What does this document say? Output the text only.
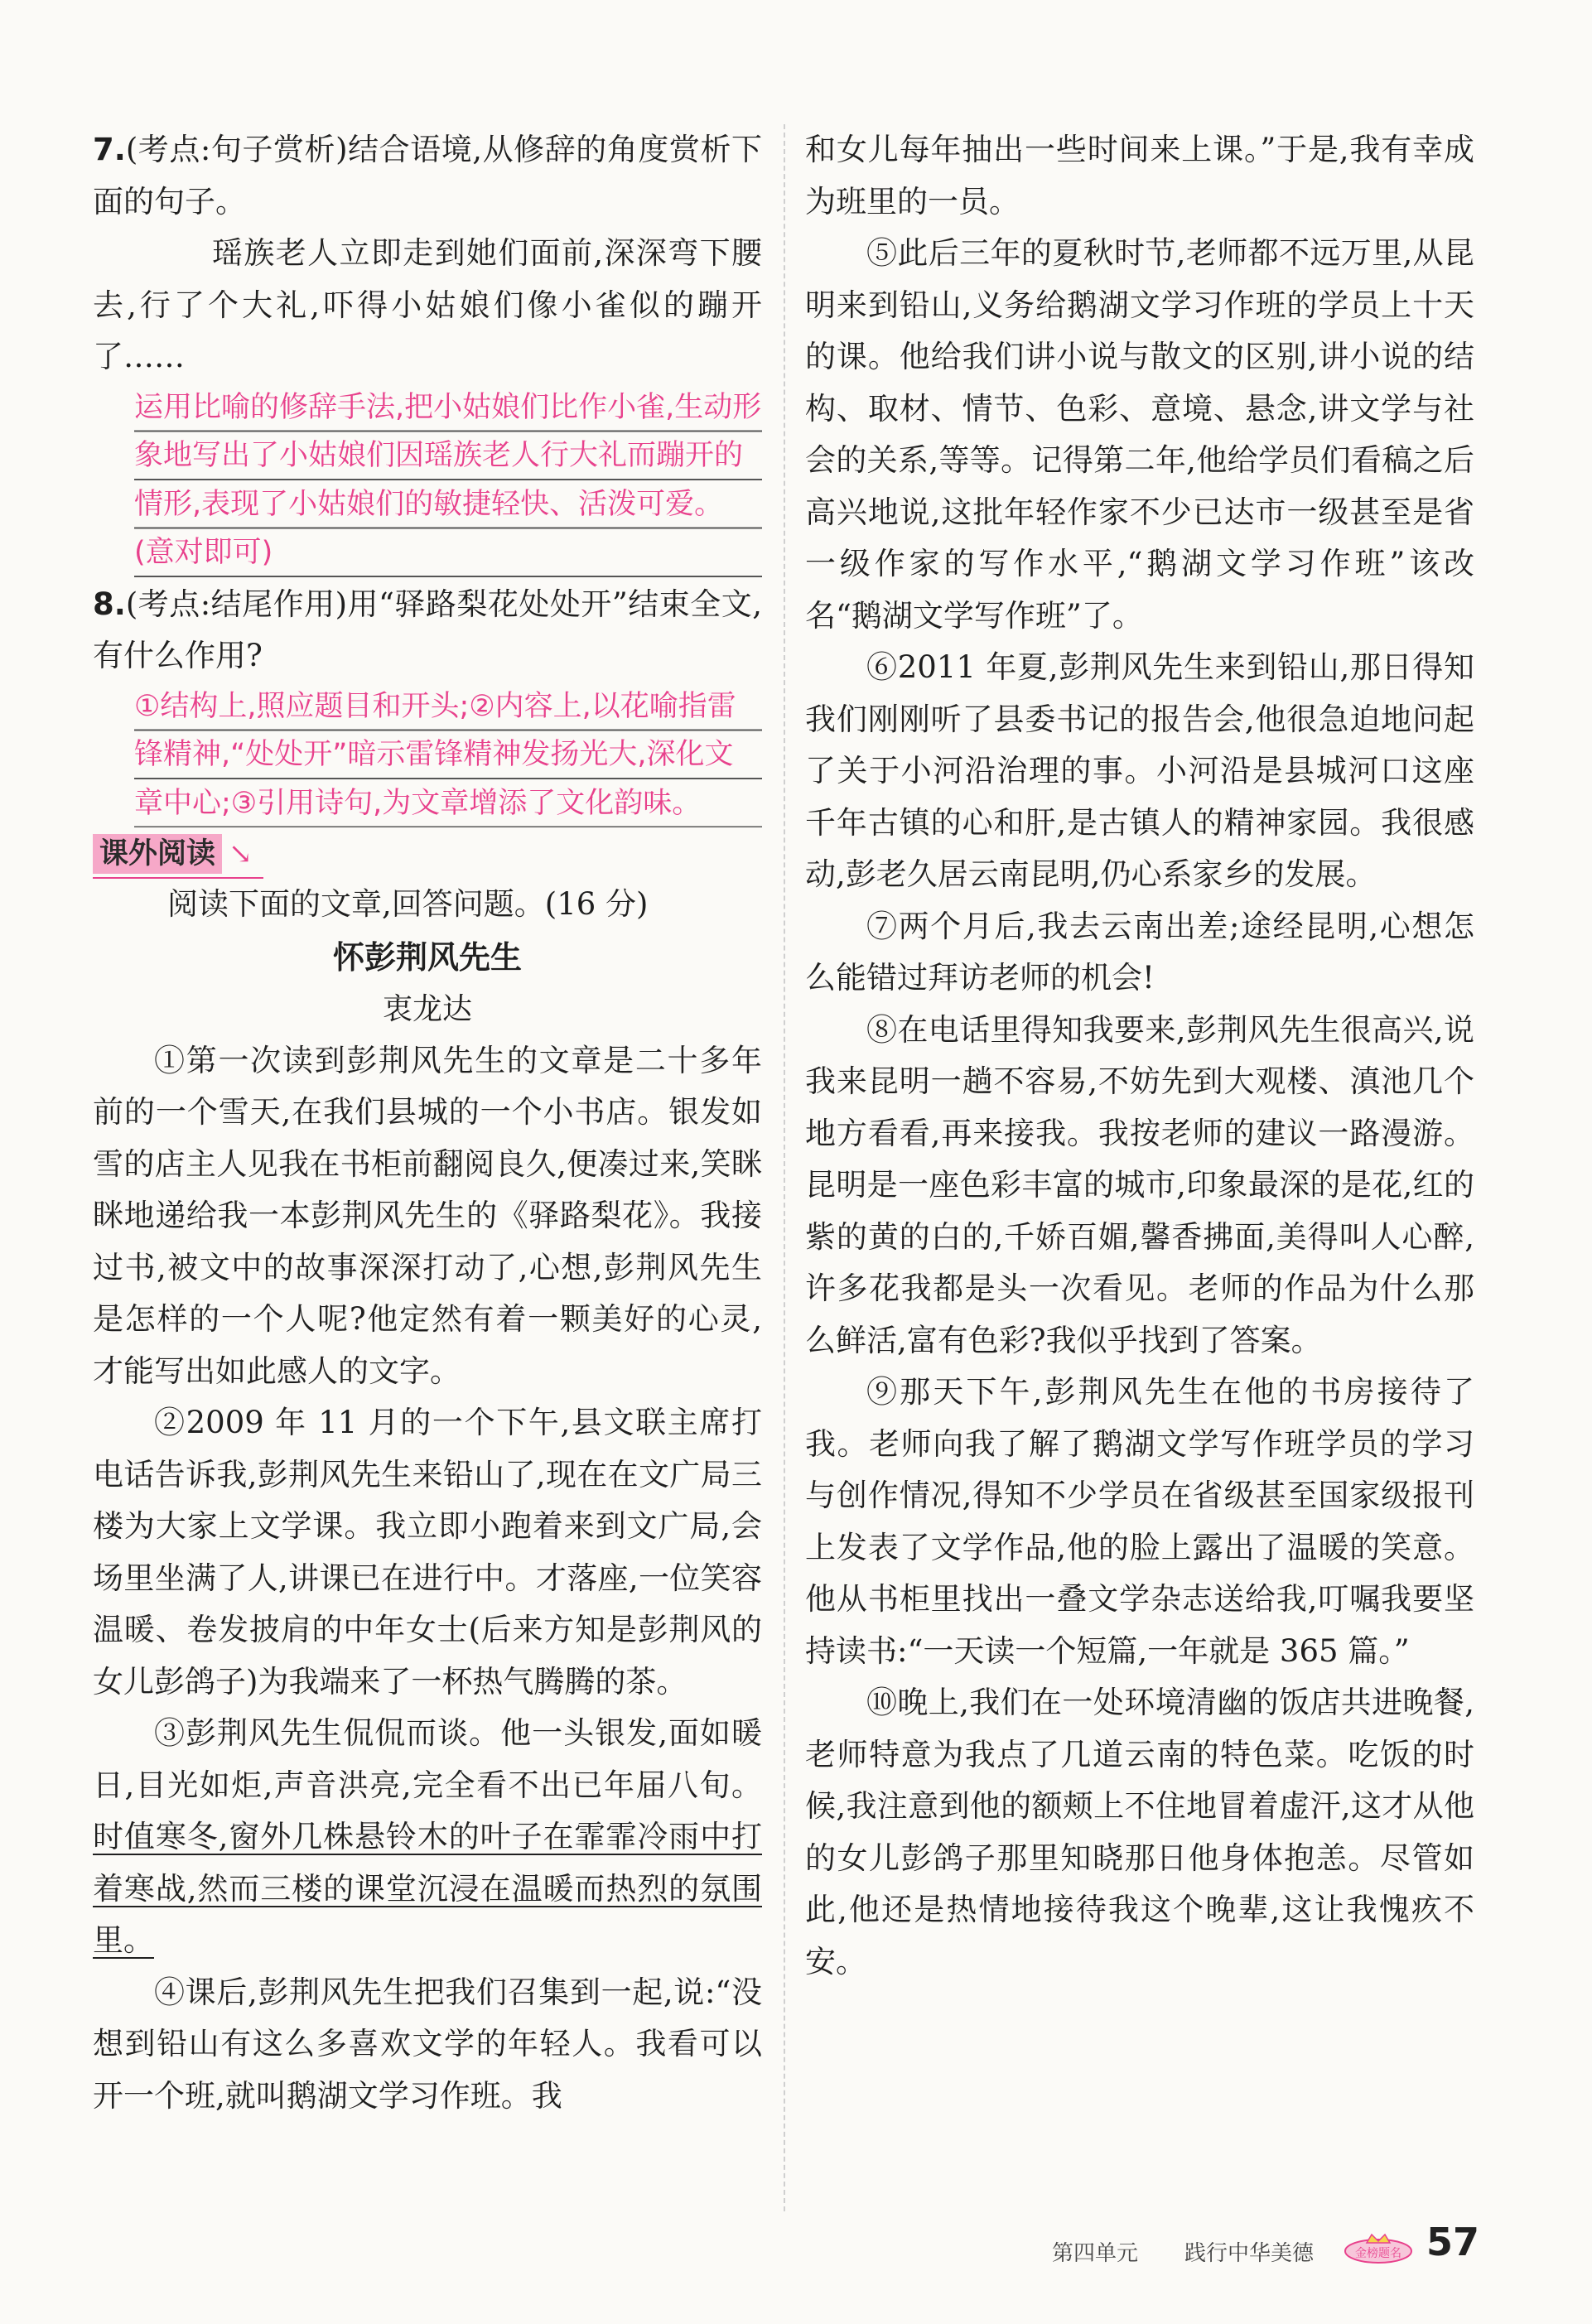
7.(考点:句子赏析)结合语境,从修辞的角度赏析下面的句子。

瑶族老人立即走到她们面前,深深弯下腰去,行了个大礼,吓得小姑娘们像小雀似的蹦开了……

运用比喻的修辞手法,把小姑娘们比作小雀,生动形象地写出了小姑娘们因瑶族老人行大礼而蹦开的情形,表现了小姑娘们的敏捷轻快、活泼可爱。(意对即可)

8.(考点:结尾作用)用“驿路梨花处处开”结束全文,有什么作用?

①结构上,照应题目和开头;②内容上,以花喻指雷锋精神,“处处开”暗示雷锋精神发扬光大,深化文章中心;③引用诗句,为文章增添了文化韵味。

课外阅读 ↘

阅读下面的文章,回答问题。(16 分)

怀彭荆风先生

衷龙达

①第一次读到彭荆风先生的文章是二十多年前的一个雪天,在我们县城的一个小书店。银发如雪的店主人见我在书柜前翻阅良久,便凑过来,笑眯眯地递给我一本彭荆风先生的《驿路梨花》。我接过书,被文中的故事深深打动了,心想,彭荆风先生是怎样的一个人呢?他定然有着一颗美好的心灵,才能写出如此感人的文字。

②2009 年 11 月的一个下午,县文联主席打电话告诉我,彭荆风先生来铅山了,现在在文广局三楼为大家上文学课。我立即小跑着来到文广局,会场里坐满了人,讲课已在进行中。才落座,一位笑容温暖、卷发披肩的中年女士(后来方知是彭荆风的女儿彭鸽子)为我端来了一杯热气腾腾的茶。

③彭荆风先生侃侃而谈。他一头银发,面如暖日,目光如炬,声音洪亮,完全看不出已年届八旬。时值寒冬,窗外几株悬铃木的叶子在霏霏冷雨中打着寒战,然而三楼的课堂沉浸在温暖而热烈的氛围里。

④课后,彭荆风先生把我们召集到一起,说:“没想到铅山有这么多喜欢文学的年轻人。我看可以开一个班,就叫鹅湖文学习作班。我

和女儿每年抽出一些时间来上课。”于是,我有幸成为班里的一员。

⑤此后三年的夏秋时节,老师都不远万里,从昆明来到铅山,义务给鹅湖文学习作班的学员上十天的课。他给我们讲小说与散文的区别,讲小说的结构、取材、情节、色彩、意境、悬念,讲文学与社会的关系,等等。记得第二年,他给学员们看稿之后高兴地说,这批年轻作家不少已达市一级甚至是省一级作家的写作水平,“鹅湖文学习作班”该改名“鹅湖文学写作班”了。

⑥2011 年夏,彭荆风先生来到铅山,那日得知我们刚刚听了县委书记的报告会,他很急迫地问起了关于小河沿治理的事。小河沿是县城河口这座千年古镇的心和肝,是古镇人的精神家园。我很感动,彭老久居云南昆明,仍心系家乡的发展。

⑦两个月后,我去云南出差;途经昆明,心想怎么能错过拜访老师的机会!

⑧在电话里得知我要来,彭荆风先生很高兴,说我来昆明一趟不容易,不妨先到大观楼、滇池几个地方看看,再来接我。我按老师的建议一路漫游。昆明是一座色彩丰富的城市,印象最深的是花,红的紫的黄的白的,千娇百媚,馨香拂面,美得叫人心醉,许多花我都是头一次看见。老师的作品为什么那么鲜活,富有色彩?我似乎找到了答案。

⑨那天下午,彭荆风先生在他的书房接待了我。老师向我了解了鹅湖文学写作班学员的学习与创作情况,得知不少学员在省级甚至国家级报刊上发表了文学作品,他的脸上露出了温暖的笑意。他从书柜里找出一叠文学杂志送给我,叮嘱我要坚持读书:“一天读一个短篇,一年就是 365 篇。”

⑩晚上,我们在一处环境清幽的饭店共进晚餐,老师特意为我点了几道云南的特色菜。吃饭的时候,我注意到他的额颊上不住地冒着虚汗,这才从他的女儿彭鸽子那里知晓那日他身体抱恙。尽管如此,他还是热情地接待我这个晚辈,这让我愧疚不安。

第四单元 践行中华美德	金榜题名 57
